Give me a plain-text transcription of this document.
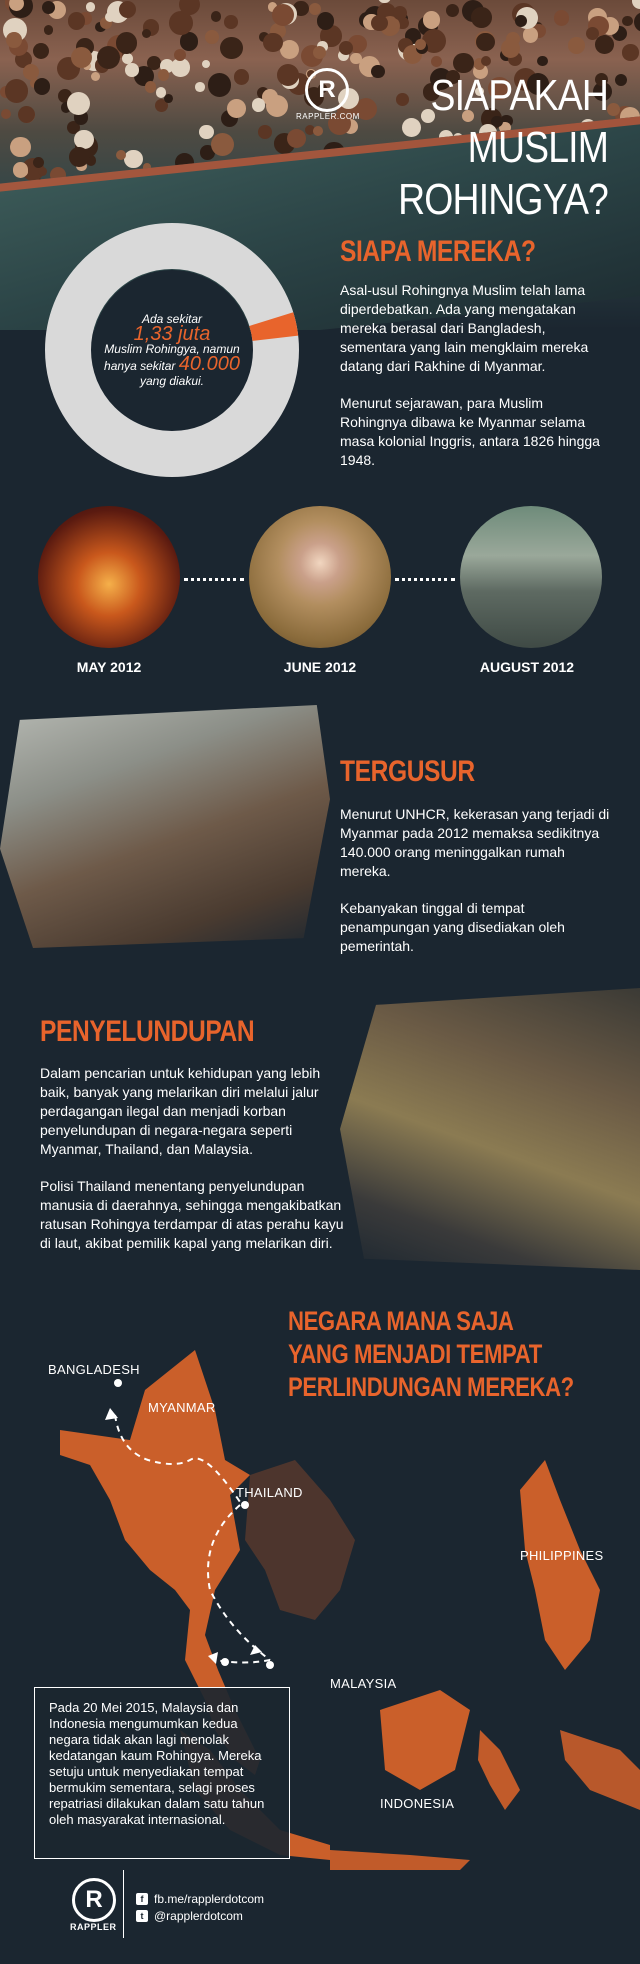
R
RAPPLER.COM	SIAPAKAH
MUSLIM ROHINGYA?
Ada sekitar
1,33 juta
Muslim Rohingya, namun
hanya sekitar 40.000
yang diakui.
SIAPA MEREKA?

Asal-usul Rohingnya Muslim telah lama diperdebatkan. Ada yang mengatakan mereka berasal dari Bangladesh, sementara yang lain mengklaim mereka datang dari Rakhine di Myanmar.

Menurut sejarawan, para Muslim Rohingnya dibawa ke Myanmar selama masa kolonial Inggris, antara 1826 hingga 1948.

MAY 2012	JUNE 2012	AUGUST 2012
TERGUSUR

Menurut UNHCR, kekerasan yang terjadi di Myanmar pada 2012 memaksa sedikitnya 140.000 orang meninggalkan rumah mereka.

Kebanyakan tinggal di tempat penampungan yang disediakan oleh pemerintah.

PENYELUNDUPAN

Dalam pencarian untuk kehidupan yang lebih baik, banyak yang melarikan diri melalui jalur perdagangan ilegal dan menjadi korban penyelundupan di negara-negara seperti Myanmar, Thailand, dan Malaysia.

Polisi Thailand menentang penyelundupan manusia di daerahnya, sehingga mengakibatkan ratusan Rohingya terdampar di atas perahu kayu di laut, akibat pemilik kapal yang melarikan diri.

NEGARA MANA SAJA
YANG MENJADI TEMPAT
PERLINDUNGAN MEREKA?
BANGLADESH
MYANMAR
THAILAND
PHILIPPINES
MALAYSIA
INDONESIA
Pada 20 Mei 2015, Malaysia dan Indonesia mengumumkan kedua negara tidak akan lagi menolak kedatangan kaum Rohingya. Mereka setuju untuk menyediakan tempat bermukim sementara, selagi proses repatriasi dilakukan dalam satu tahun oleh masyarakat internasional.
R
RAPPLER
f fb.me/rapplerdotcom
t @rapplerdotcom
